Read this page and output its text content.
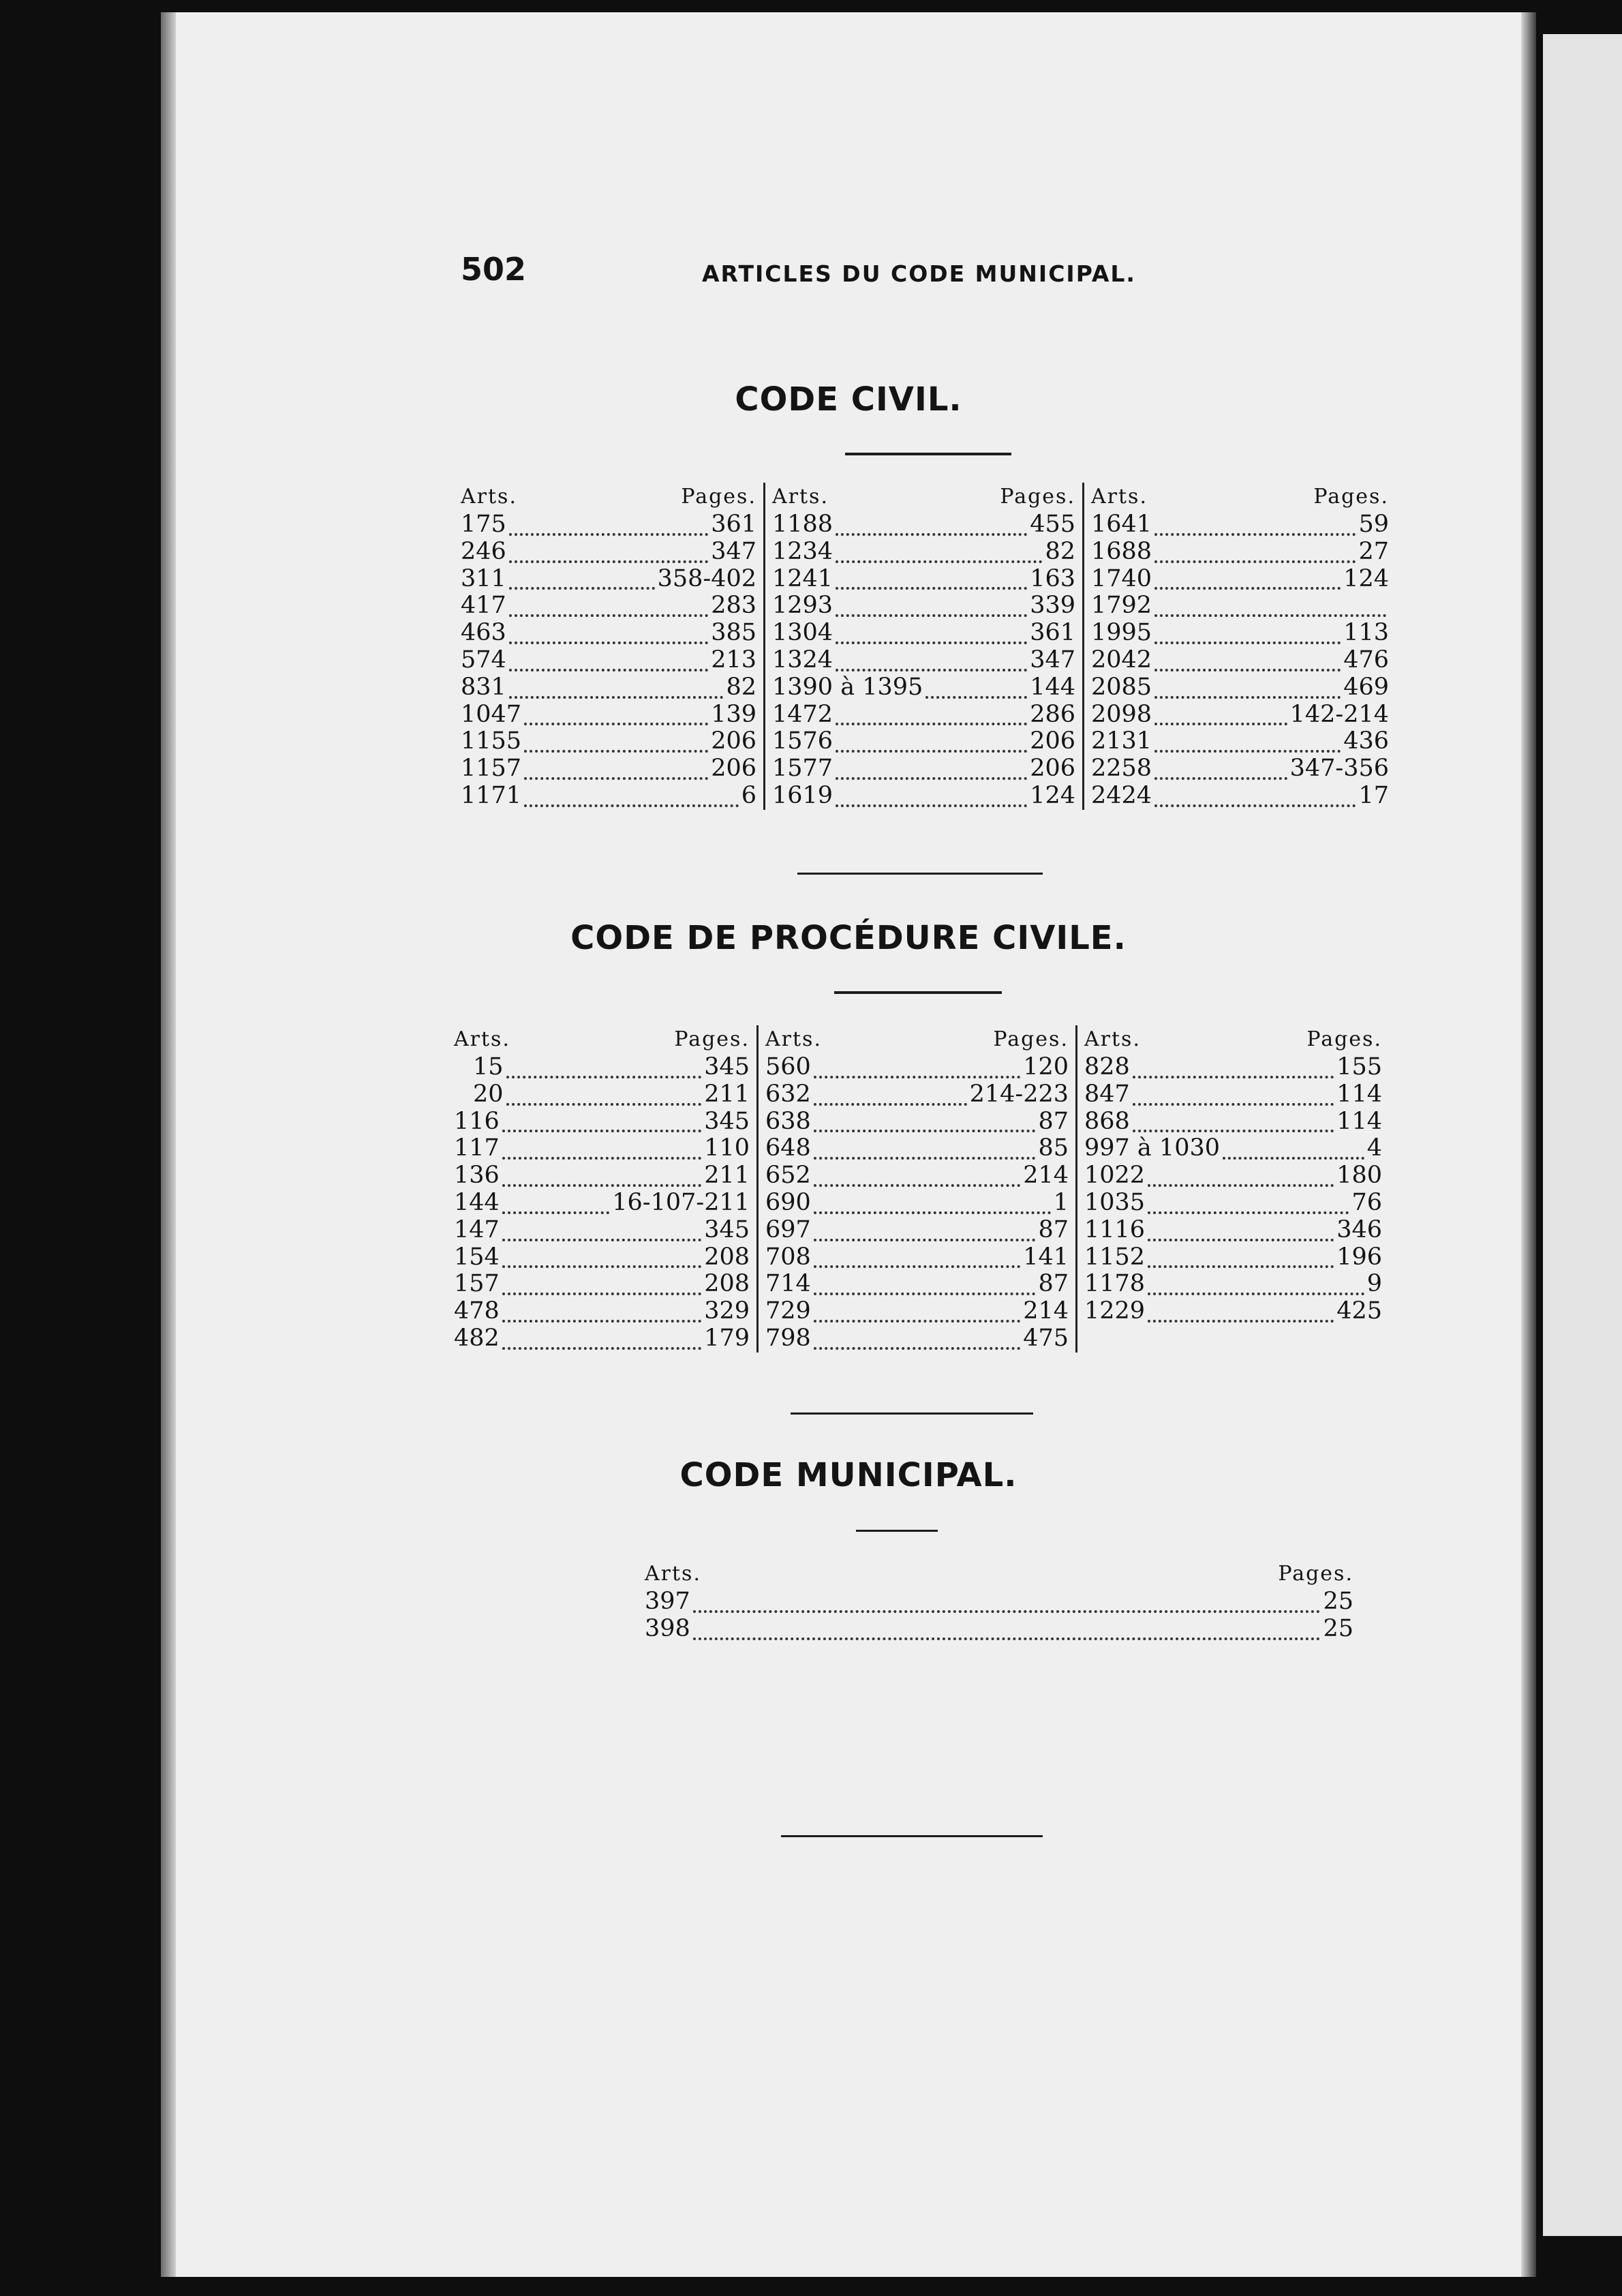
502	ARTICLES DU CODE MUNICIPAL.
CODE CIVIL.
Arts.	Pages.
175	361
246	347
311	358-402
417	283
463	385
574	213
831	82
1047	139
1155	206
1157	206
1171	6
Arts.	Pages.
1188	455
1234	82
1241	163
1293	339
1304	361
1324	347
1390 à 1395	144
1472	286
1576	206
1577	206
1619	124
Arts.	Pages.
1641	59
1688	27
1740	124
1792
1995	113
2042	476
2085	469
2098	142-214
2131	436
2258	347-356
2424	17
CODE DE PROCÉDURE CIVILE.
Arts.	Pages.
15	345
20	211
116	345
117	110
136	211
144	16-107-211
147	345
154	208
157	208
478	329
482	179
Arts.	Pages.
560	120
632	214-223
638	87
648	85
652	214
690	1
697	87
708	141
714	87
729	214
798	475
Arts.	Pages.
828	155
847	114
868	114
997 à 1030	4
1022	180
1035	76
1116	346
1152	196
1178	9
1229	425
CODE MUNICIPAL.
Arts.	Pages.
397	25
398	25
